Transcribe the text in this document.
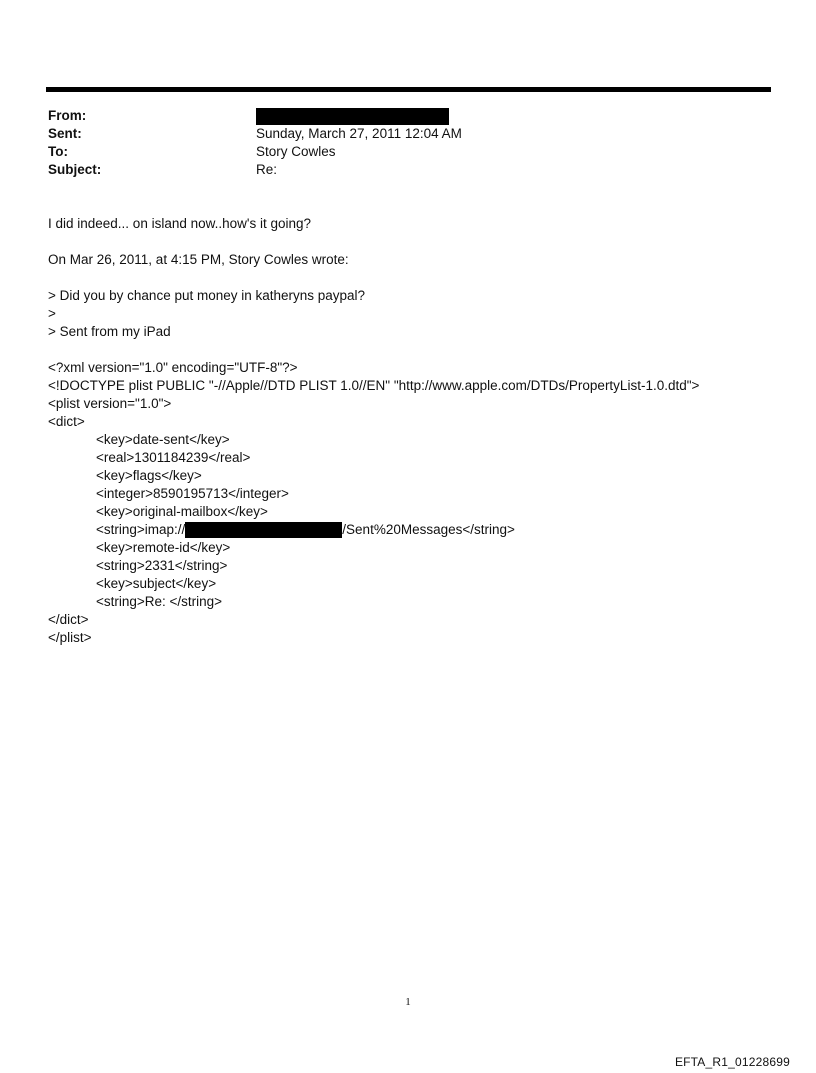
From:
Sent:	Sunday, March 27, 2011 12:04 AM
To:	Story Cowles
Subject:	Re:
I did indeed... on island now..how's it going?
On Mar 26, 2011, at 4:15 PM, Story Cowles wrote:
> Did you by chance put money in katheryns paypal?
>
> Sent from my iPad
<?xml version="1.0" encoding="UTF-8"?>
<!DOCTYPE plist PUBLIC "-//Apple//DTD PLIST 1.0//EN" "http://www.apple.com/DTDs/PropertyList-1.0.dtd">
<plist version="1.0">
<dict>
<key>date-sent</key>
<real>1301184239</real>
<key>flags</key>
<integer>8590195713</integer>
<key>original-mailbox</key>
<string>imap://	/Sent%20Messages</string>
<key>remote-id</key>
<string>2331</string>
<key>subject</key>
<string>Re: </string>
</dict>
</plist>
1
EFTA_R1_01228699
